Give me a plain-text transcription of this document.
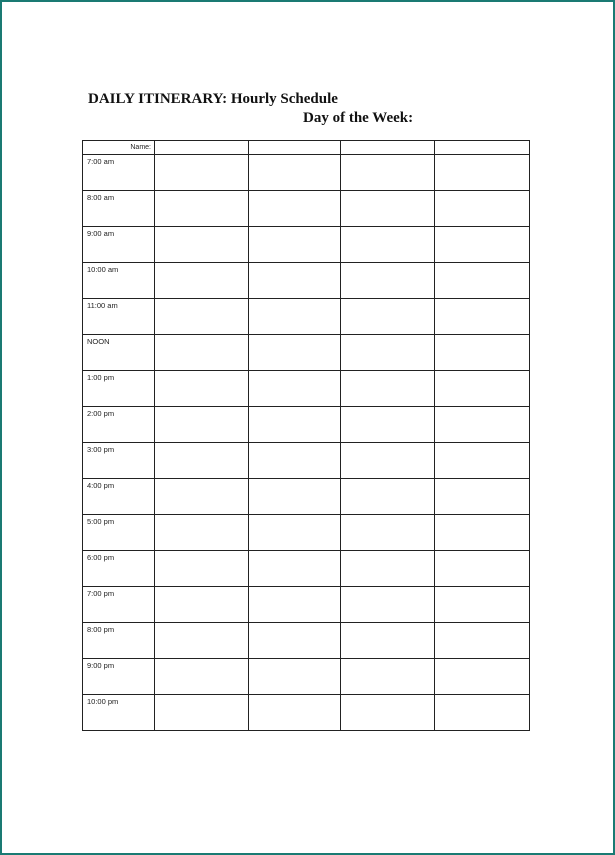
DAILY ITINERARY: Hourly Schedule
Day of the Week:
Name:				

7:00 am				

8:00 am				

9:00 am				

10:00 am				

11:00 am				

NOON				

1:00 pm				

2:00 pm				

3:00 pm				

4:00 pm				

5:00 pm				

6:00 pm				

7:00 pm				

8:00 pm				

9:00 pm				

10:00 pm				
